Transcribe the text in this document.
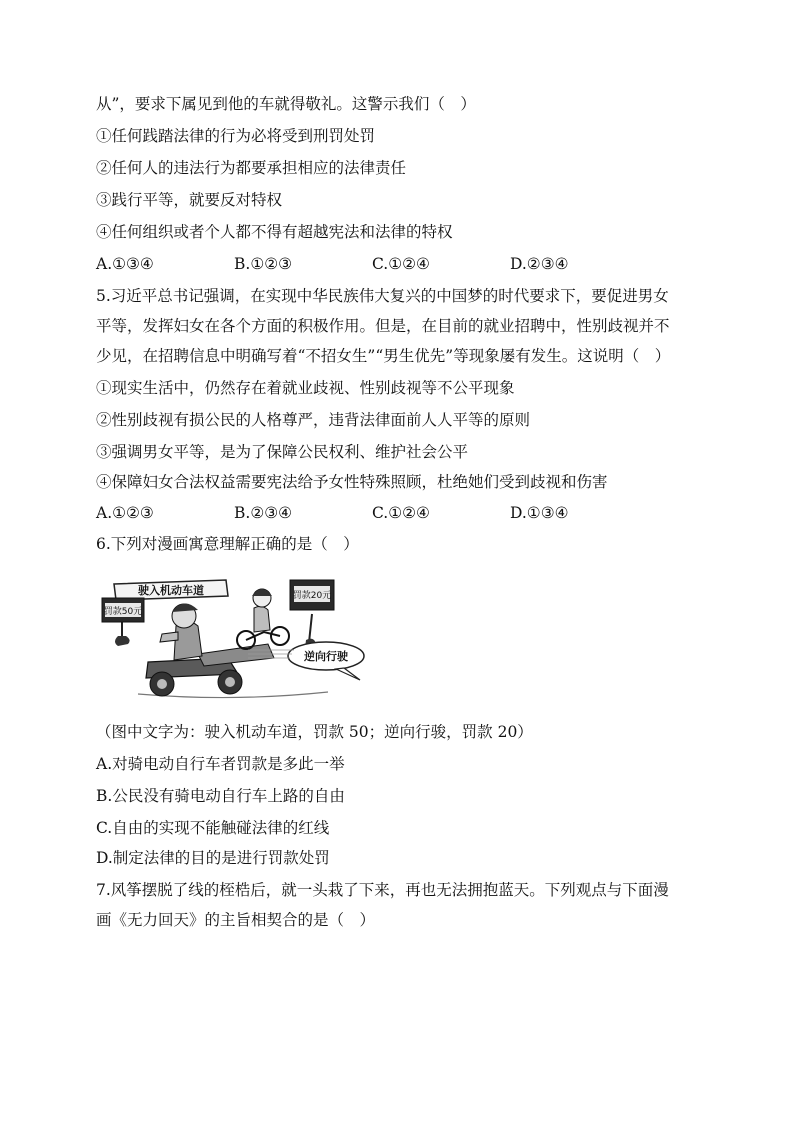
从”，要求下属见到他的车就得敬礼。这警示我们（　）
①任何践踏法律的行为必将受到刑罚处罚
②任何人的违法行为都要承担相应的法律责任
③践行平等，就要反对特权
④任何组织或者个人都不得有超越宪法和法律的特权
A.①③④	B.①②③	C.①②④	D.②③④
5.习近平总书记强调，在实现中华民族伟大复兴的中国梦的时代要求下，要促进男女
平等，发挥妇女在各个方面的积极作用。但是，在目前的就业招聘中，性别歧视并不
少见，在招聘信息中明确写着“不招女生”“男生优先”等现象屡有发生。这说明（　）
①现实生活中，仍然存在着就业歧视、性别歧视等不公平现象
②性别歧视有损公民的人格尊严，违背法律面前人人平等的原则
③强调男女平等，是为了保障公民权利、维护社会公平
④保障妇女合法权益需要宪法给予女性特殊照顾，杜绝她们受到歧视和伤害
A.①②③	B.②③④	C.①②④	D.①③④
6.下列对漫画寓意理解正确的是（　）
驶入机动车道
罚款50元
罚款20元
逆向行驶
（图中文字为：驶入机动车道，罚款 50；逆向行骏，罚款 20）
A.对骑电动自行车者罚款是多此一举
B.公民没有骑电动自行车上路的自由
C.自由的实现不能触碰法律的红线
D.制定法律的目的是进行罚款处罚
7.风筝摆脱了线的桎梏后，就一头栽了下来，再也无法拥抱蓝天。下列观点与下面漫
画《无力回天》的主旨相契合的是（　）
